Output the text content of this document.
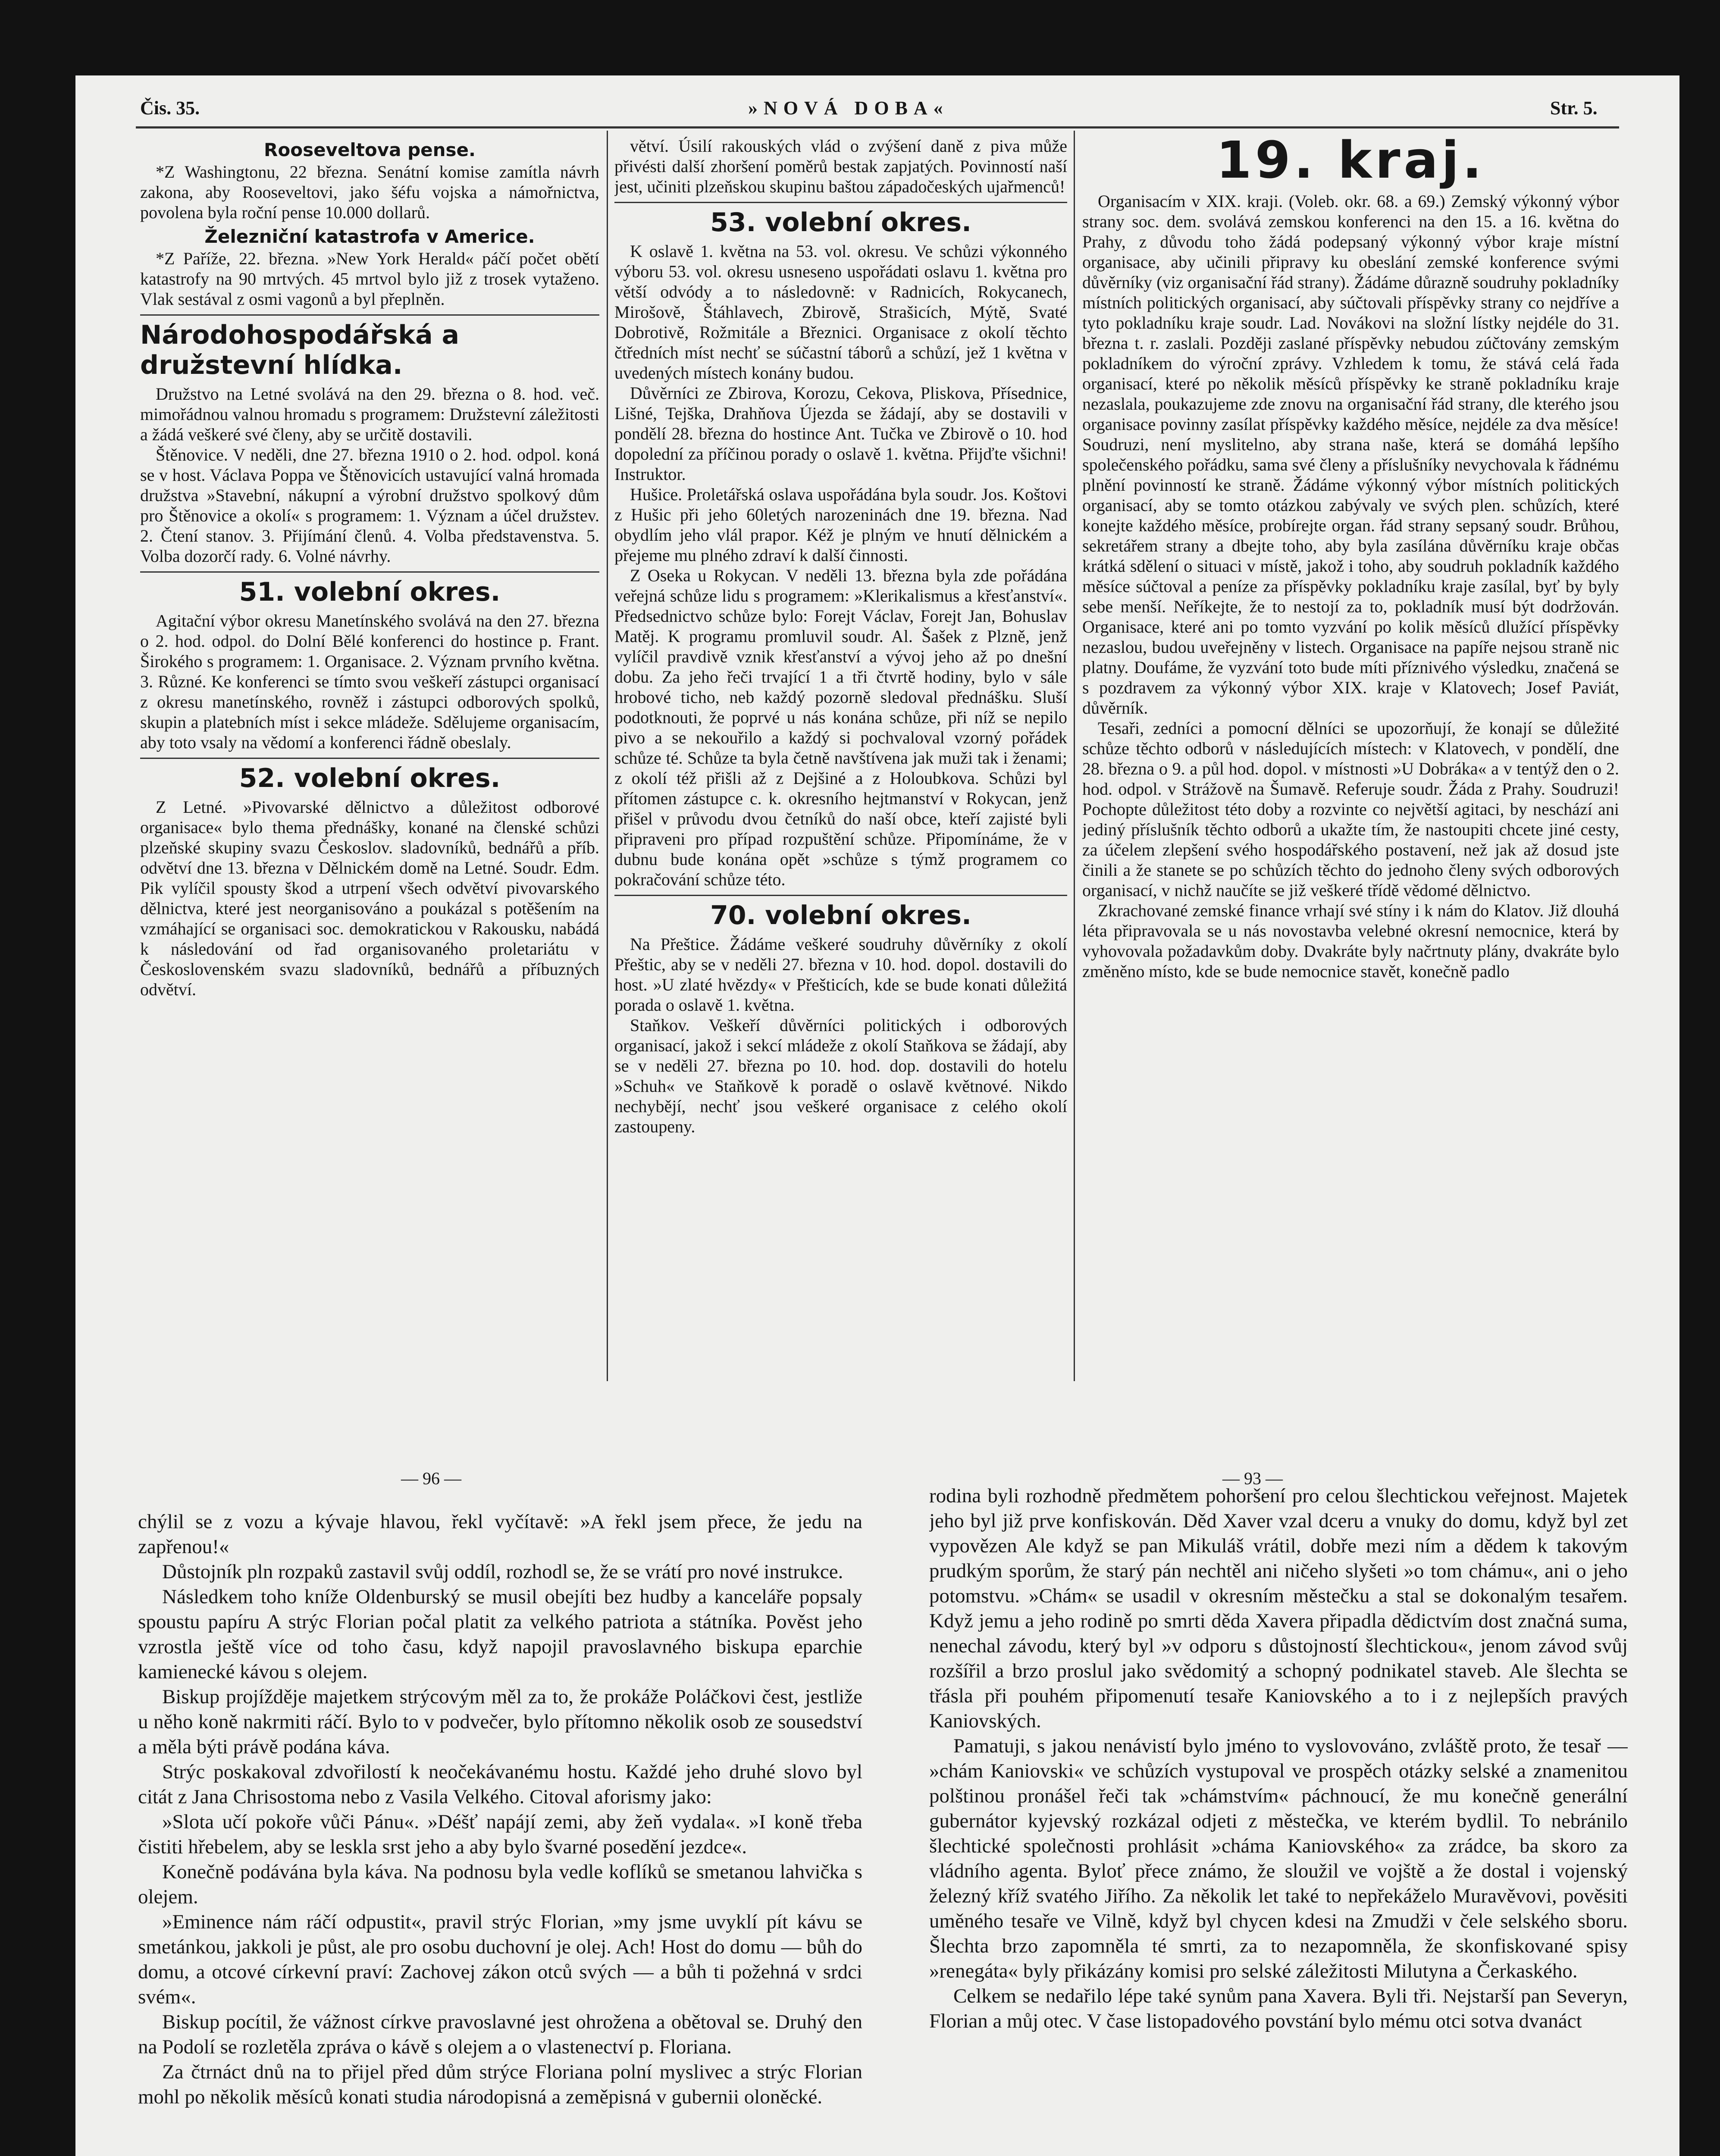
Čis. 35.	»NOVÁ DOBA«	Str. 5.
Rooseveltova pense.

*Z Washingtonu, 22 března. Senátní komise zamítla návrh zakona, aby Rooseveltovi, jako šéfu vojska a námořnictva, povolena byla roční pense 10.000 dollarů.

Železniční katastrofa v Americe.

*Z Paříže, 22. března. »New York Herald« páčí počet obětí katastrofy na 90 mrtvých. 45 mrtvol bylo již z trosek vytaženo. Vlak sestával z osmi vagonů a byl přeplněn.

Národohospodářská a družstevní hlídka.

Družstvo na Letné svolává na den 29. března o 8. hod. več. mimořádnou valnou hromadu s programem: Družstevní záležitosti a žádá veškeré své členy, aby se určitě dostavili.

Štěnovice. V neděli, dne 27. března 1910 o 2. hod. odpol. koná se v host. Václava Poppa ve Štěnovicích ustavující valná hromada družstva »Stavební, nákupní a výrobní družstvo spolkový dům pro Štěnovice a okolí« s programem: 1. Význam a účel družstev. 2. Čtení stanov. 3. Přijímání členů. 4. Volba představenstva. 5. Volba dozorčí rady. 6. Volné návrhy.

51. volební okres.

Agitační výbor okresu Manetínského svolává na den 27. března o 2. hod. odpol. do Dolní Bělé konferenci do hostince p. Frant. Širokého s programem: 1. Organisace. 2. Význam prvního května. 3. Různé. Ke konferenci se tímto svou veškeří zástupci organisací z okresu manetínského, rovněž i zástupci odborových spolků, skupin a platebních míst i sekce mládeže. Sdělujeme organisacím, aby toto vsaly na vědomí a konferenci řádně obeslaly.

52. volební okres.

Z Letné. »Pivovarské dělnictvo a důležitost odborové organisace« bylo thema přednášky, konané na členské schůzi plzeňské skupiny svazu Českoslov. sladovníků, bednářů a příb. odvětví dne 13. března v Dělnickém domě na Letné. Soudr. Edm. Pik vylíčil spousty škod a utrpení všech odvětví pivovarského dělnictva, které jest neorganisováno a poukázal s potěšením na vzmáhající se organisaci soc. demokratickou v Rakousku, nabádá k následování od řad organisovaného proletariátu v Československém svazu sladovníků, bednářů a příbuzných odvětví.

větví. Úsilí rakouských vlád o zvýšení daně z piva může přivésti další zhoršení poměrů bestak zapjatých. Povinností naší jest, učiniti plzeňskou skupinu baštou západočeských ujařmenců!

53. volební okres.

K oslavě 1. května na 53. vol. okresu. Ve schůzi výkonného výboru 53. vol. okresu usneseno uspořádati oslavu 1. května pro větší odvódy a to následovně: v Radnicích, Rokycanech, Mirošově, Štáhlavech, Zbirově, Strašicích, Mýtě, Svaté Dobrotivě, Rožmitále a Březnici. Organisace z okolí těchto čtředních míst nechť se súčastní táborů a schůzí, jež 1 května v uvedených místech konány budou.

Důvěrníci ze Zbirova, Korozu, Cekova, Pliskova, Přísednice, Lišné, Tejška, Drahňova Újezda se žádají, aby se dostavili v pondělí 28. března do hostince Ant. Tučka ve Zbirově o 10. hod dopolední za příčinou porady o oslavě 1. května. Přijďte všichni! Instruktor.

Hušice. Proletářská oslava uspořádána byla soudr. Jos. Koštovi z Hušic při jeho 60letých narozeninách dne 19. března. Nad obydlím jeho vlál prapor. Kéž je plným ve hnutí dělnickém a přejeme mu plného zdraví k další činnosti.

Z Oseka u Rokycan. V neděli 13. března byla zde pořádána veřejná schůze lidu s programem: »Klerikalismus a křesťanství«. Předsednictvo schůze bylo: Forejt Václav, Forejt Jan, Bohuslav Matěj. K programu promluvil soudr. Al. Šašek z Plzně, jenž vylíčil pravdivě vznik křesťanství a vývoj jeho až po dnešní dobu. Za jeho řeči trvající 1 a tři čtvrtě hodiny, bylo v sále hrobové ticho, neb každý pozorně sledoval přednášku. Sluší podotknouti, že poprvé u nás konána schůze, při níž se nepilo pivo a se nekouřilo a každý si pochvaloval vzorný pořádek schůze té. Schůze ta byla četně navštívena jak muži tak i ženami; z okolí též přišli až z Dejšiné a z Holoubkova. Schůzi byl přítomen zástupce c. k. okresního hejtmanství v Rokycan, jenž přišel v průvodu dvou četníků do naší obce, kteří zajisté byli připraveni pro případ rozpuštění schůze. Připomínáme, že v dubnu bude konána opět »schůze s týmž programem co pokračování schůze této.

70. volební okres.

Na Přeštice. Žádáme veškeré soudruhy důvěrníky z okolí Přeštic, aby se v neděli 27. března v 10. hod. dopol. dostavili do host. »U zlaté hvězdy« v Přešticích, kde se bude konati důležitá porada o oslavě 1. května.

Staňkov. Veškeří důvěrníci politických i odborových organisací, jakož i sekcí mládeže z okolí Staňkova se žádají, aby se v neděli 27. března po 10. hod. dop. dostavili do hotelu »Schuh« ve Staňkově k poradě o oslavě květnové. Nikdo nechybějí, nechť jsou veškeré organisace z celého okolí zastoupeny.

19. kraj.

Organisacím v XIX. kraji. (Voleb. okr. 68. a 69.) Zemský výkonný výbor strany soc. dem. svolává zemskou konferenci na den 15. a 16. května do Prahy, z důvodu toho žádá podepsaný výkonný výbor kraje místní organisace, aby učinili připravy ku obeslání zemské konference svými důvěrníky (viz organisační řád strany). Žádáme důrazně soudruhy pokladníky místních politických organisací, aby súčtovali příspěvky strany co nejdříve a tyto pokladníku kraje soudr. Lad. Novákovi na složní lístky nejdéle do 31. března t. r. zaslali. Později zaslané příspěvky nebudou zúčtovány zemským pokladníkem do výroční zprávy. Vzhledem k tomu, že stává celá řada organisací, které po několik měsíců příspěvky ke straně pokladníku kraje nezaslala, poukazujeme zde znovu na organisační řád strany, dle kterého jsou organisace povinny zasílat příspěvky každého měsíce, nejdéle za dva měsíce! Soudruzi, není myslitelno, aby strana naše, která se domáhá lepšího společenského pořádku, sama své členy a příslušníky nevychovala k řádnému plnění povinností ke straně. Žádáme výkonný výbor místních politických organisací, aby se tomto otázkou zabývaly ve svých plen. schůzích, které konejte každého měsíce, probírejte organ. řád strany sepsaný soudr. Brůhou, sekretářem strany a dbejte toho, aby byla zasílána důvěrníku kraje občas krátká sdělení o situaci v místě, jakož i toho, aby soudruh pokladník každého měsíce súčtoval a peníze za příspěvky pokladníku kraje zasílal, byť by byly sebe menší. Neříkejte, že to nestojí za to, pokladník musí být dodržován. Organisace, které ani po tomto vyzvání po kolik měsíců dlužící příspěvky nezaslou, budou uveřejněny v listech. Organisace na papíře nejsou straně nic platny. Doufáme, že vyzvání toto bude míti příznivého výsledku, značená se s pozdravem za výkonný výbor XIX. kraje v Klatovech; Josef Paviát, důvěrník.

Tesaři, zedníci a pomocní dělníci se upozorňují, že konají se důležité schůze těchto odborů v následujících místech: v Klatovech, v pondělí, dne 28. března o 9. a půl hod. dopol. v místnosti »U Dobráka« a v tentýž den o 2. hod. odpol. v Strážově na Šumavě. Referuje soudr. Žáda z Prahy. Soudruzi! Pochopte důležitost této doby a rozvinte co největší agitaci, by neschází ani jediný příslušník těchto odborů a ukažte tím, že nastoupiti chcete jiné cesty, za účelem zlepšení svého hospodářského postavení, než jak až dosud jste činili a že stanete se po schůzích těchto do jednoho členy svých odborových organisací, v nichž naučíte se již veškeré třídě vědomé dělnictvo.

Zkrachované zemské finance vrhají své stíny i k nám do Klatov. Již dlouhá léta připravovala se u nás novostavba velebné okresní nemocnice, která by vyhovovala požadavkům doby. Dvakráte byly načrtnuty plány, dvakráte bylo změněno místo, kde se bude nemocnice stavět, konečně padlo

— 96 —	— 93 —

chýlil se z vozu a kývaje hlavou, řekl vyčítavě: »A řekl jsem přece, že jedu na zapřenou!«

Důstojník pln rozpaků zastavil svůj oddíl, rozhodl se, že se vrátí pro nové instrukce.

Následkem toho kníže Oldenburský se musil obejíti bez hudby a kanceláře popsaly spoustu papíru A strýc Florian počal platit za velkého patriota a státníka. Pověst jeho vzrostla ještě více od toho času, když napojil pravoslavného biskupa eparchie kamienecké kávou s olejem.

Biskup projížděje majetkem strýcovým měl za to, že prokáže Poláčkovi čest, jestliže u něho koně nakrmiti ráčí. Bylo to v podvečer, bylo přítomno několik osob ze sousedství a měla býti právě podána káva.

Strýc poskakoval zdvořilostí k neočekávanému hostu. Každé jeho druhé slovo byl citát z Jana Chrisostoma nebo z Vasila Velkého. Citoval aforismy jako:

»Slota učí pokoře vůči Pánu«. »Déšť napájí zemi, aby žeň vydala«. »I koně třeba čistiti hřebelem, aby se leskla srst jeho a aby bylo švarné posedění jezdce«.

Konečně podávána byla káva. Na podnosu byla vedle koflíků se smetanou lahvička s olejem.

»Eminence nám ráčí odpustit«, pravil strýc Florian, »my jsme uvyklí pít kávu se smetánkou, jakkoli je půst, ale pro osobu duchovní je olej. Ach! Host do domu — bůh do domu, a otcové církevní praví: Zachovej zákon otců svých — a bůh ti požehná v srdci svém«.

Biskup pocítil, že vážnost církve pravoslavné jest ohrožena a obětoval se. Druhý den na Podolí se rozletěla zpráva o kávě s olejem a o vlastenectví p. Floriana.

Za čtrnáct dnů na to přijel před dům strýce Floriana polní myslivec a strýc Florian mohl po několik měsíců konati studia národopisná a zeměpisná v gubernii oloněcké.

rodina byli rozhodně předmětem pohoršení pro celou šlechtickou veřejnost. Majetek jeho byl již prve konfiskován. Děd Xaver vzal dceru a vnuky do domu, když byl zet vypovězen Ale když se pan Mikuláš vrátil, dobře mezi ním a dědem k takovým prudkým sporům, že starý pán nechtěl ani ničeho slyšeti »o tom chámu«, ani o jeho potomstvu. »Chám« se usadil v okresním městečku a stal se dokonalým tesařem. Když jemu a jeho rodině po smrti děda Xavera připadla dědictvím dost značná suma, nenechal závodu, který byl »v odporu s důstojností šlechtickou«, jenom závod svůj rozšířil a brzo proslul jako svědomitý a schopný podnikatel staveb. Ale šlechta se třásla při pouhém připomenutí tesaře Kaniovského a to i z nejlepších pravých Kaniovských.

Pamatuji, s jakou nenávistí bylo jméno to vyslovováno, zvláště proto, že tesař — »chám Kaniovski« ve schůzích vystupoval ve prospěch otázky selské a znamenitou polštinou pronášel řeči tak »chámstvím« páchnoucí, že mu konečně generální gubernátor kyjevský rozkázal odjeti z městečka, ve kterém bydlil. To nebránilo šlechtické společnosti prohlásit »cháma Kaniovského« za zrádce, ba skoro za vládního agenta. Byloť přece známo, že sloužil ve vojště a že dostal i vojenský železný kříž svatého Jiřího. Za několik let také to nepřekáželo Muravěvovi, pověsiti uměného tesaře ve Vilně, když byl chycen kdesi na Zmudži v čele selského sboru. Šlechta brzo zapomněla té smrti, za to nezapomněla, že skonfiskované spisy »renegáta« byly přikázány komisi pro selské záležitosti Milutyna a Čerkaského.

Celkem se nedařilo lépe také synům pana Xavera. Byli tři. Nejstarší pan Severyn, Florian a můj otec. V čase listopadového povstání bylo mému otci sotva dvanáct
